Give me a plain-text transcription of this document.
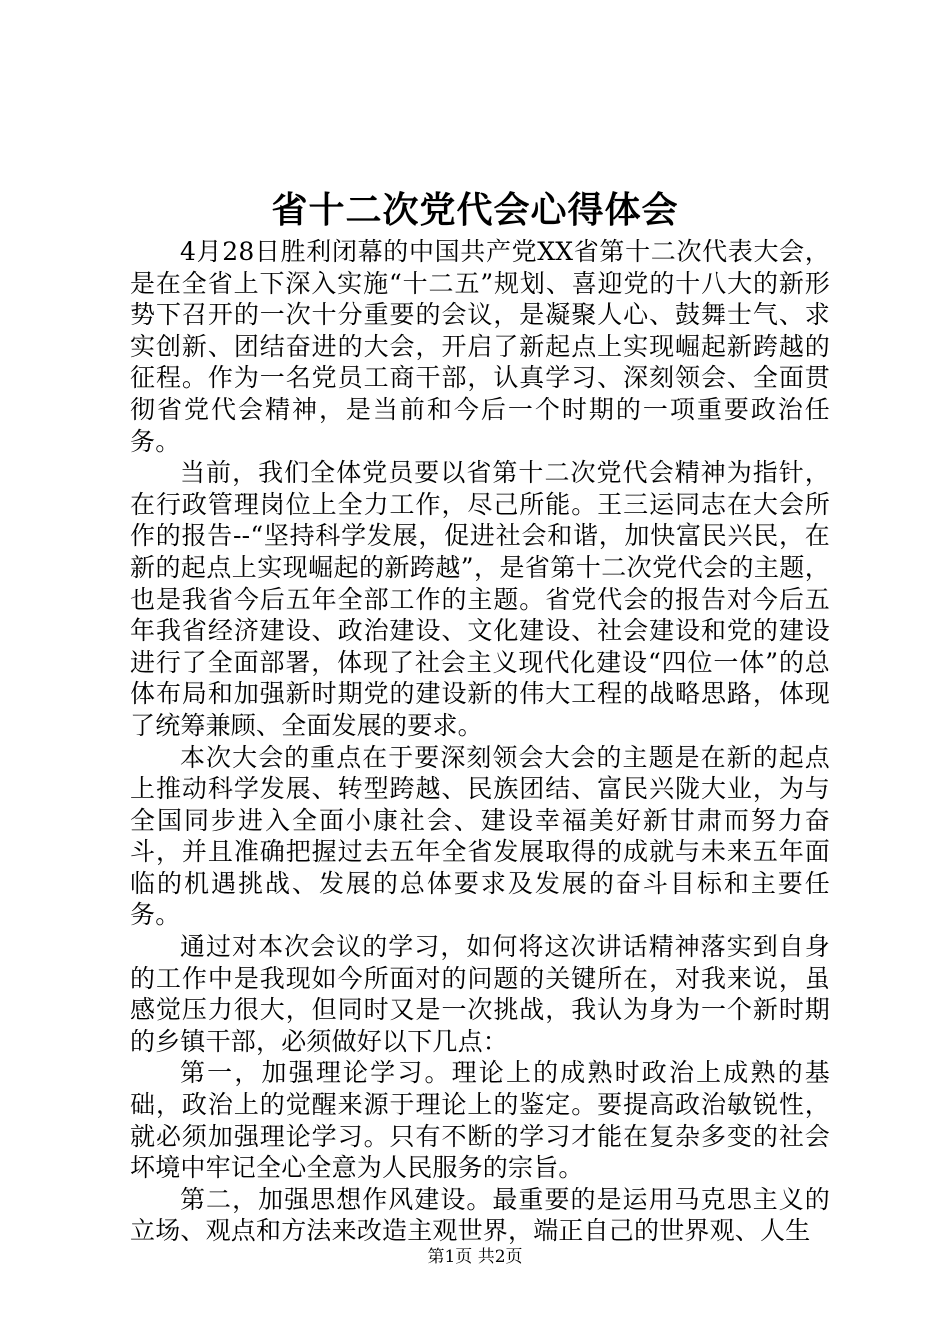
省十二次党代会心得体会

4月28日胜利闭幕的中国共产党XX省第十二次代表大会，是在全省上下深入实施“十二五”规划、喜迎党的十八大的新形势下召开的一次十分重要的会议，是凝聚人心、鼓舞士气、求实创新、团结奋进的大会，开启了新起点上实现崛起新跨越的征程。作为一名党员工商干部，认真学习、深刻领会、全面贯彻省党代会精神，是当前和今后一个时期的一项重要政治任务。

当前，我们全体党员要以省第十二次党代会精神为指针，在行政管理岗位上全力工作，尽己所能。王三运同志在大会所作的报告--“坚持科学发展，促进社会和谐，加快富民兴民，在新的起点上实现崛起的新跨越”，是省第十二次党代会的主题，也是我省今后五年全部工作的主题。省党代会的报告对今后五年我省经济建设、政治建设、文化建设、社会建设和党的建设进行了全面部署，体现了社会主义现代化建设“四位一体”的总体布局和加强新时期党的建设新的伟大工程的战略思路，体现了统筹兼顾、全面发展的要求。

本次大会的重点在于要深刻领会大会的主题是在新的起点上推动科学发展、转型跨越、民族团结、富民兴陇大业，为与全国同步进入全面小康社会、建设幸福美好新甘肃而努力奋斗，并且准确把握过去五年全省发展取得的成就与未来五年面临的机遇挑战、发展的总体要求及发展的奋斗目标和主要任务。

通过对本次会议的学习，如何将这次讲话精神落实到自身的工作中是我现如今所面对的问题的关键所在，对我来说，虽感觉压力很大，但同时又是一次挑战，我认为身为一个新时期的乡镇干部，必须做好以下几点：

第一，加强理论学习。理论上的成熟时政治上成熟的基础，政治上的觉醒来源于理论上的鉴定。要提高政治敏锐性，就必须加强理论学习。只有不断的学习才能在复杂多变的社会坏境中牢记全心全意为人民服务的宗旨。

第二，加强思想作风建设。最重要的是运用马克思主义的立场、观点和方法来改造主观世界，端正自己的世界观、人生

第1页 共2页
